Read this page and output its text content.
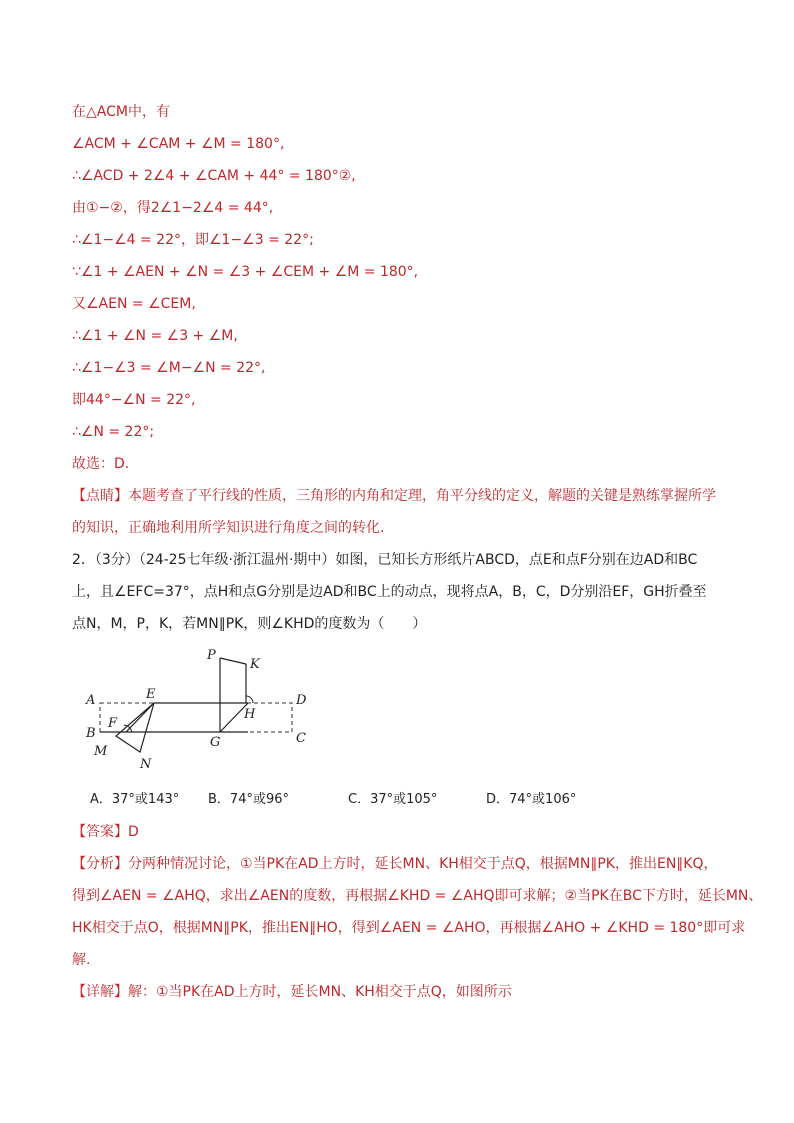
在△ACM中，有
∠ACM + ∠CAM + ∠M = 180°,
∴∠ACD + 2∠4 + ∠CAM + 44° = 180°②,
由①−②，得2∠1−2∠4 = 44°,
∴∠1−∠4 = 22°，即∠1−∠3 = 22°;
∵∠1 + ∠AEN + ∠N = ∠3 + ∠CEM + ∠M = 180°,
又∠AEN = ∠CEM,
∴∠1 + ∠N = ∠3 + ∠M,
∴∠1−∠3 = ∠M−∠N = 22°,
即44°−∠N = 22°,
∴∠N = 22°;
故选：D.
【点睛】本题考查了平行线的性质，三角形的内角和定理，角平分线的定义，解题的关键是熟练掌握所学
的知识，正确地利用所学知识进行角度之间的转化.
2．（3分）（24-25七年级·浙江温州·期中）如图，已知长方形纸片ABCD，点E和点F分别在边AD和BC
上，且∠EFC=37°，点H和点G分别是边AD和BC上的动点，现将点A，B，C，D分别沿EF，GH折叠至
点N，M，P，K，若MN∥PK，则∠KHD的度数为（　　）
P
K
A	E	D
F
H
B
G	C
M
N
A．37°或143° B．74°或96°	C．37°或105°	D．74°或106°
【答案】D
【分析】分两种情况讨论，①当PK在AD上方时，延长MN、KH相交于点Q，根据MN∥PK，推出EN∥KQ，
得到∠AEN = ∠AHQ，求出∠AEN的度数，再根据∠KHD = ∠AHQ即可求解；②当PK在BC下方时，延长MN、
HK相交于点O，根据MN∥PK，推出EN∥HO，得到∠AEN = ∠AHO，再根据∠AHO + ∠KHD = 180°即可求
解.
【详解】解：①当PK在AD上方时，延长MN、KH相交于点Q，如图所示
